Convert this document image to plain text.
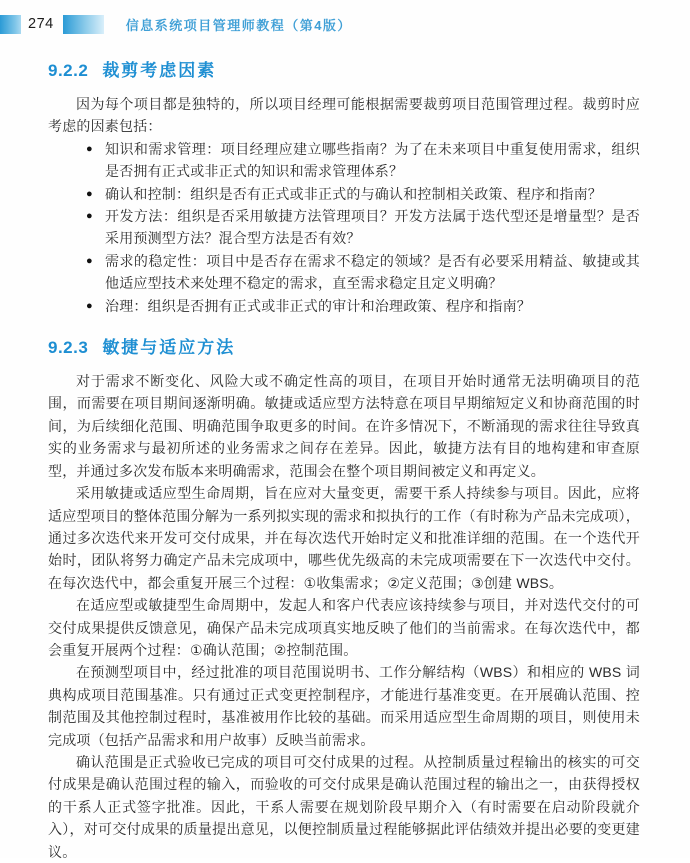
274	信息系统项目管理师教程（第4版）
9.2.2 裁剪考虑因素

因为每个项目都是独特的，所以项目经理可能根据需要裁剪项目范围管理过程。裁剪时应考虑的因素包括：

● 知识和需求管理：项目经理应建立哪些指南？为了在未来项目中重复使用需求，组织是否拥有正式或非正式的知识和需求管理体系？
● 确认和控制：组织是否有正式或非正式的与确认和控制相关政策、程序和指南？
● 开发方法：组织是否采用敏捷方法管理项目？开发方法属于迭代型还是增量型？是否采用预测型方法？混合型方法是否有效？
● 需求的稳定性：项目中是否存在需求不稳定的领域？是否有必要采用精益、敏捷或其他适应型技术来处理不稳定的需求，直至需求稳定且定义明确？
● 治理：组织是否拥有正式或非正式的审计和治理政策、程序和指南？
9.2.3 敏捷与适应方法

对于需求不断变化、风险大或不确定性高的项目，在项目开始时通常无法明确项目的范围，而需要在项目期间逐渐明确。敏捷或适应型方法特意在项目早期缩短定义和协商范围的时间，为后续细化范围、明确范围争取更多的时间。在许多情况下，不断涌现的需求往往导致真实的业务需求与最初所述的业务需求之间存在差异。因此，敏捷方法有目的地构建和审查原型，并通过多次发布版本来明确需求，范围会在整个项目期间被定义和再定义。

采用敏捷或适应型生命周期，旨在应对大量变更，需要干系人持续参与项目。因此，应将适应型项目的整体范围分解为一系列拟实现的需求和拟执行的工作（有时称为产品未完成项），通过多次迭代来开发可交付成果，并在每次迭代开始时定义和批准详细的范围。在一个迭代开始时，团队将努力确定产品未完成项中，哪些优先级高的未完成项需要在下一次迭代中交付。在每次迭代中，都会重复开展三个过程：①收集需求；②定义范围；③创建 WBS。

在适应型或敏捷型生命周期中，发起人和客户代表应该持续参与项目，并对迭代交付的可交付成果提供反馈意见，确保产品未完成项真实地反映了他们的当前需求。在每次迭代中，都会重复开展两个过程：①确认范围；②控制范围。

在预测型项目中，经过批准的项目范围说明书、工作分解结构（WBS）和相应的 WBS 词典构成项目范围基准。只有通过正式变更控制程序，才能进行基准变更。在开展确认范围、控制范围及其他控制过程时，基准被用作比较的基础。而采用适应型生命周期的项目，则使用未完成项（包括产品需求和用户故事）反映当前需求。

确认范围是正式验收已完成的项目可交付成果的过程。从控制质量过程输出的核实的可交付成果是确认范围过程的输入，而验收的可交付成果是确认范围过程的输出之一，由获得授权的干系人正式签字批准。因此，干系人需要在规划阶段早期介入（有时需要在启动阶段就介入），对可交付成果的质量提出意见，以便控制质量过程能够据此评估绩效并提出必要的变更建议。
